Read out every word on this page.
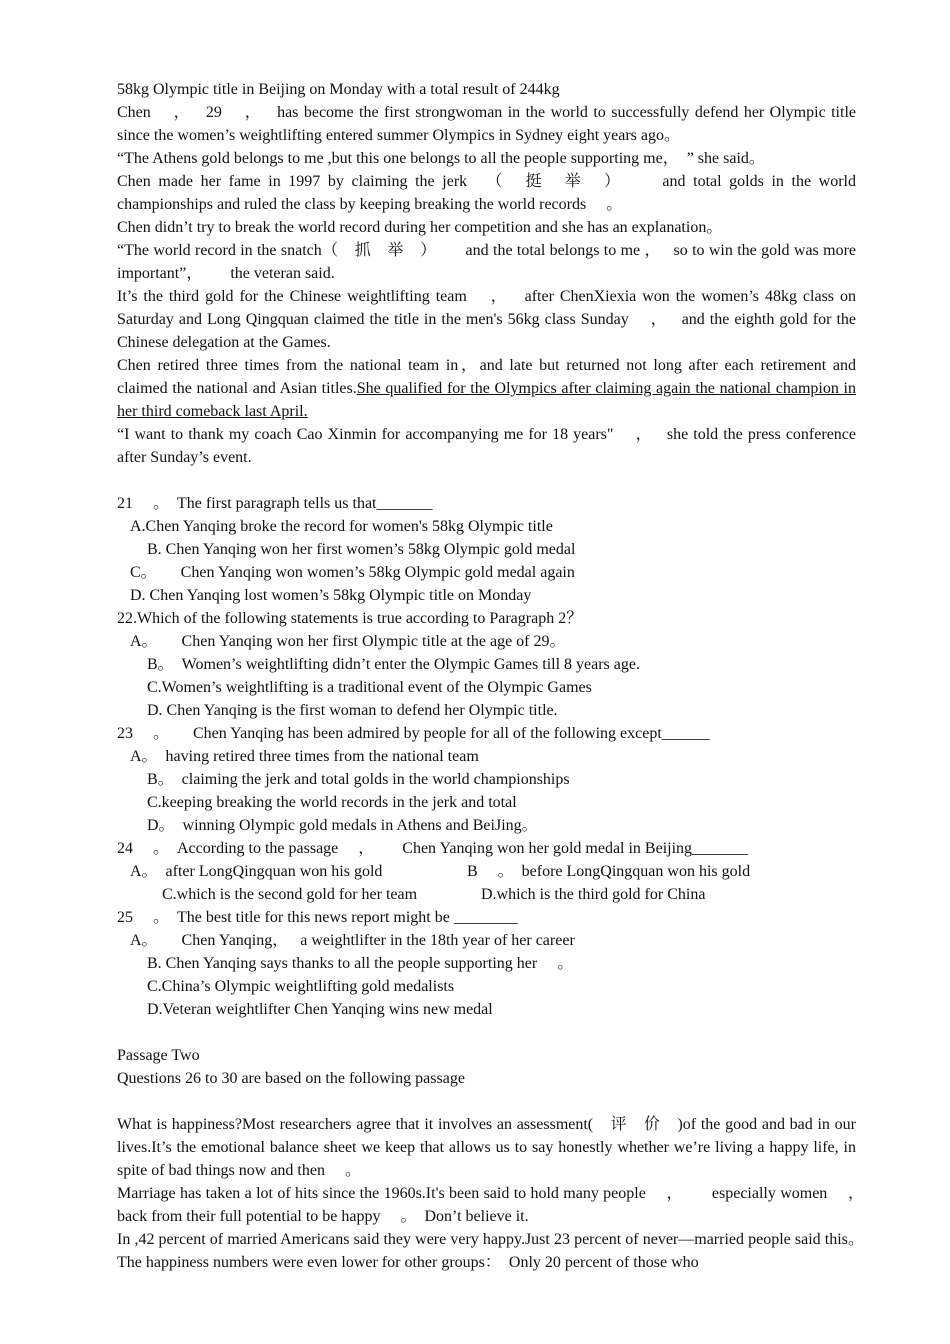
58kg Olympic title in Beijing on Monday with a total result of 244kg

Chen 　，　 29 　，　 has become the first strongwoman in the world to successfully defend her Olympic title since the women’s weightlifting entered summer Olympics in Sydney eight years ago。

“The Athens gold belongs to me ,but this one belongs to all the people supporting me，　” she said。

Chen made her fame in 1997 by claiming the jerk 　（　挺　举　）　　 and total golds in the world championships and ruled the class by keeping breaking the world records 　。

Chen didn’t try to break the world record during her competition and she has an explanation。

“The world record in the snatch（　抓　举　）　　 and the total belongs to me ，　 so to win the gold was more important”，　　 the veteran said.

It’s the third gold for the Chinese weightlifting team 　，　 after ChenXiexia won the women’s 48kg class on Saturday and Long Qingquan claimed the title in the men's 56kg class Sunday 　，　 and the eighth gold for the Chinese delegation at the Games.

Chen retired three times from the national team in，and late but returned not long after each retirement and claimed the national and Asian titles.She qualified for the Olympics after claiming again the national champion in her third comeback last April.

“I want to thank my coach Cao Xinmin for accompanying me for 18 years" 　，　 she told the press conference after Sunday’s event.

21 　。　The first paragraph tells us that_______

A.Chen Yanqing broke the record for women's 58kg Olympic title

B. Chen Yanqing won her first women’s 58kg Olympic gold medal

C。　　Chen Yanqing won women’s 58kg Olympic gold medal again

D. Chen Yanqing lost women’s 58kg Olympic title on Monday

22.Which of the following statements is true according to Paragraph 2？

A。　　Chen Yanqing won her first Olympic title at the age of 29。

B。　Women’s weightlifting didn’t enter the Olympic Games till 8 years age.

C.Women’s weightlifting is a traditional event of the Olympic Games

D. Chen Yanqing is the first woman to defend her Olympic title.

23 　。　　Chen Yanqing has been admired by people for all of the following except______

A。　having retired three times from the national team

B。　claiming the jerk and total golds in the world championships

C.keeping breaking the world records in the jerk and total

D。　winning Olympic gold medals in Athens and BeiJing。

24 　。　According to the passage 　，　　 Chen Yanqing won her gold medal in Beijing_______

A。　after LongQingquan won his gold	B 　。　before LongQingquan won his gold
C.which is the second gold for her team	D.which is the third gold for China

25 　。　The best title for this news report might be ________

A。　　Chen Yanqing，　 a weightlifter in the 18th year of her career

B. Chen Yanqing says thanks to all the people supporting her 　。

C.China’s Olympic weightlifting gold medalists

D.Veteran weightlifter Chen Yanqing wins new medal

Passage Two

Questions 26 to 30 are based on the following passage

What is happiness?Most researchers agree that it involves an assessment(　评　价　)of the good and bad in our lives.It’s the emotional balance sheet we keep that allows us to say honestly whether we’re living a happy life, in spite of bad things now and then 　。

Marriage has taken a lot of hits since the 1960s.It's been said to hold many people 　，　　 especially women 　，　 back from their full potential to be happy 　。　Don’t believe it.

In ,42 percent of married Americans said they were very happy.Just 23 percent of never—married people said this。　The happiness numbers were even lower for other groups：　Only 20 percent of those who
